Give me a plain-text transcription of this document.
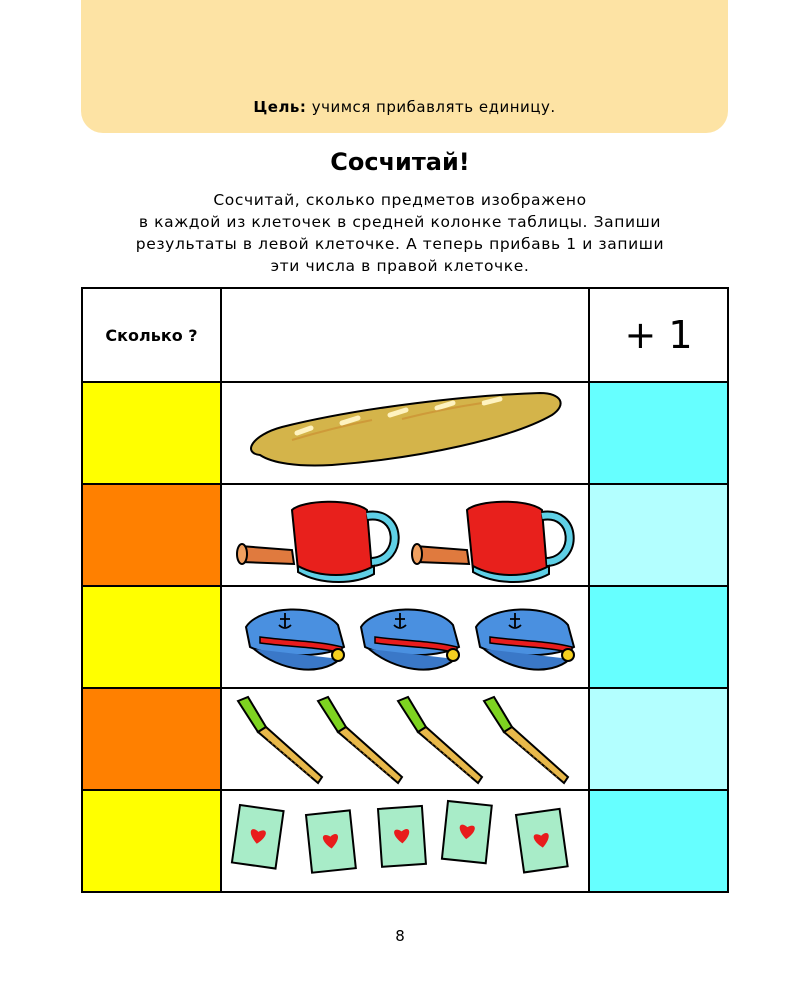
Цель: учимся прибавлять единицу.
Сосчитай!
Сосчитай, сколько предметов изображено
в каждой из клеточек в средней колонке таблицы. Запиши
результаты в левой клеточке. А теперь прибавь 1 и запиши
эти числа в правой клеточке.
Сколько ?		+ 1

8
